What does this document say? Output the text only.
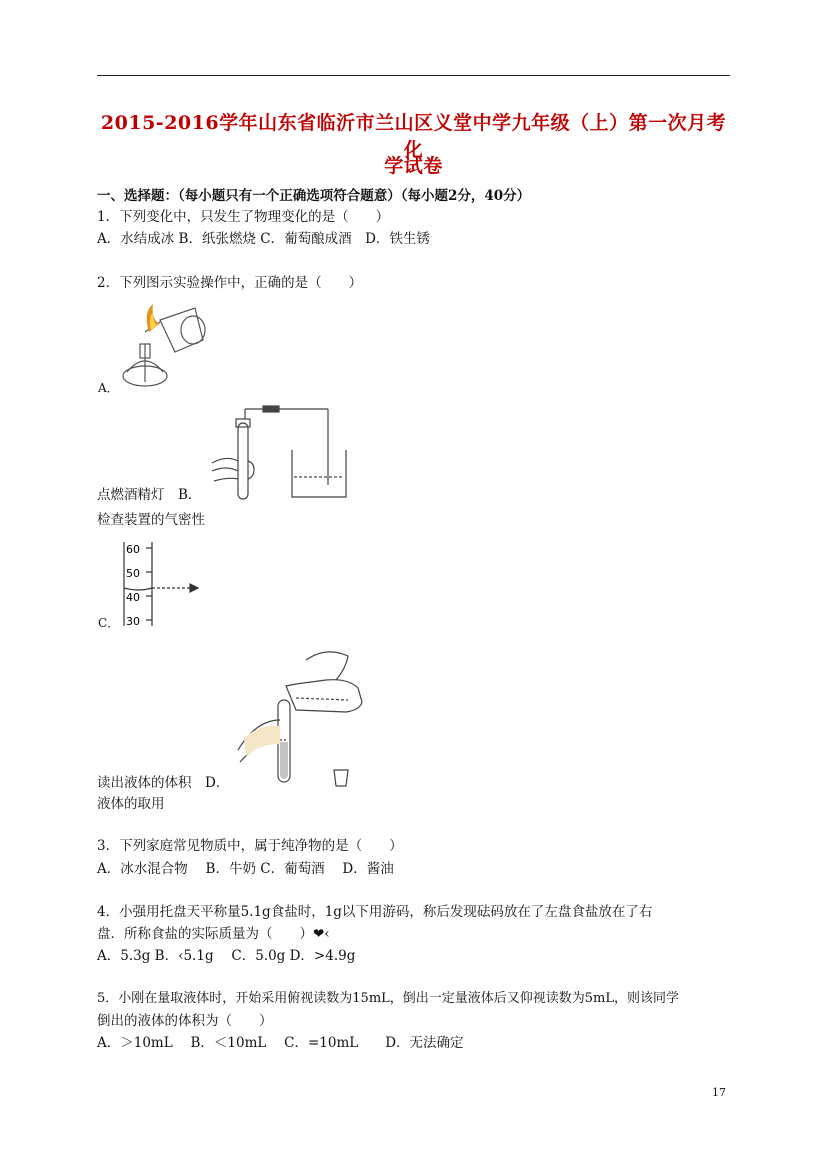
2015-2016学年山东省临沂市兰山区义堂中学九年级（上）第一次月考化
学试卷
一、选择题：（每小题只有一个正确选项符合题意）（每小题2分，40分）
1．下列变化中，只发生了物理变化的是（　　）
A．水结成冰 B．纸张燃烧 C．葡萄酿成酒　D．铁生锈
2．下列图示实验操作中，正确的是（　　）
A．
点燃酒精灯　B．
检查装置的气密性
60
50
40
30
C．
读出液体的体积　D．
液体的取用
3．下列家庭常见物质中，属于纯净物的是（　　）
A．冰水混合物　 B．牛奶 C．葡萄酒　 D．酱油
4．小强用托盘天平称量5.1g食盐时，1g以下用游码，称后发现砝码放在了左盘食盐放在了右
盘．所称食盐的实际质量为（　　）❤‹
A．5.3g B．‹5.1g　 C．5.0g D．>4.9g
5．小刚在量取液体时，开始采用俯视读数为15mL，倒出一定量液体后又仰视读数为5mL，则该同学
倒出的液体的体积为（　　）
A．＞10mL　 B．＜10mL　 C．=10mL　　D．无法确定
17
